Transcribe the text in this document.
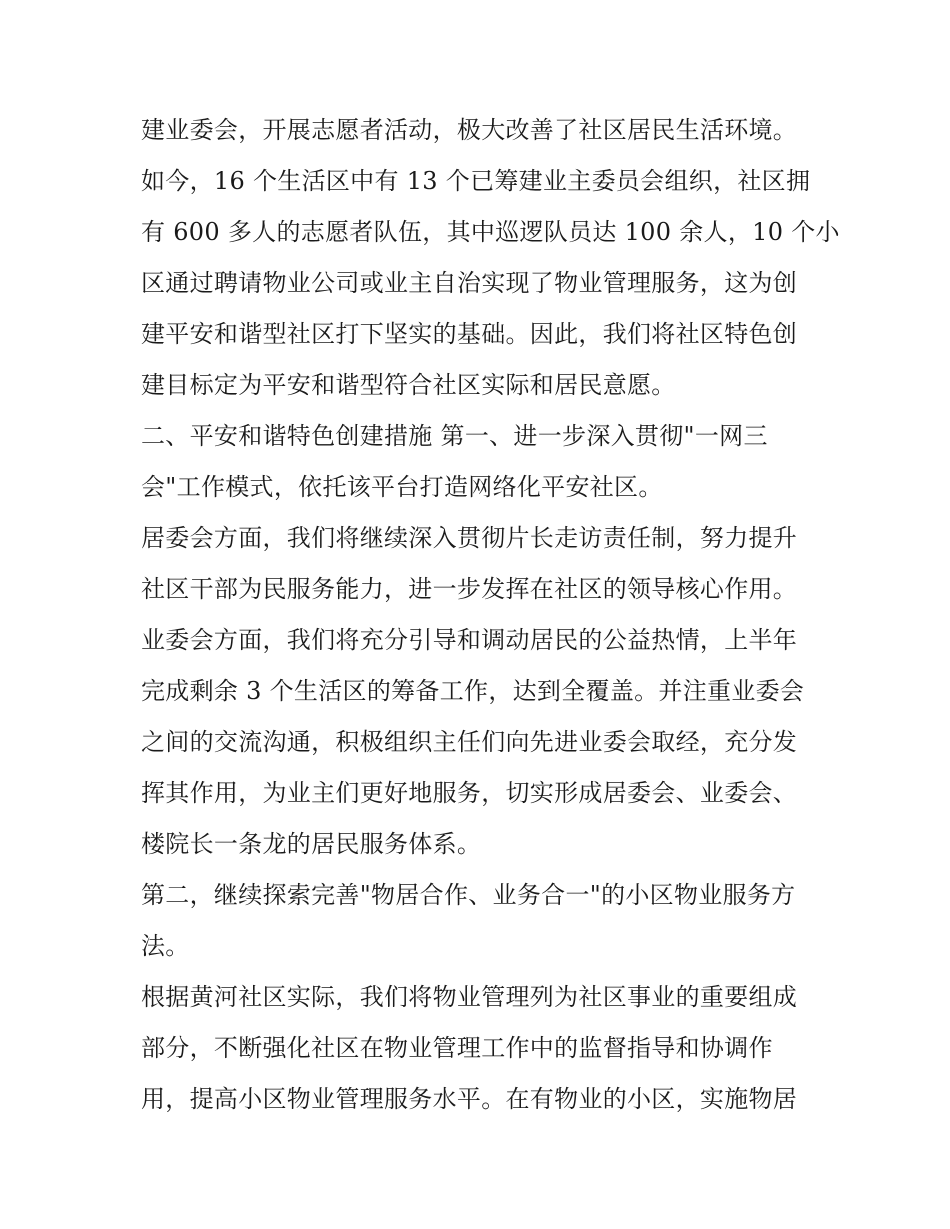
建业委会，开展志愿者活动，极大改善了社区居民生活环境。
如今，16 个生活区中有 13 个已筹建业主委员会组织，社区拥
有 600 多人的志愿者队伍，其中巡逻队员达 100 余人，10 个小
区通过聘请物业公司或业主自治实现了物业管理服务，这为创
建平安和谐型社区打下坚实的基础。因此，我们将社区特色创
建目标定为平安和谐型符合社区实际和居民意愿。
二、平安和谐特色创建措施 第一、进一步深入贯彻"一网三
会"工作模式，依托该平台打造网络化平安社区。
居委会方面，我们将继续深入贯彻片长走访责任制，努力提升
社区干部为民服务能力，进一步发挥在社区的领导核心作用。
业委会方面，我们将充分引导和调动居民的公益热情，上半年
完成剩余 3 个生活区的筹备工作，达到全覆盖。并注重业委会
之间的交流沟通，积极组织主任们向先进业委会取经，充分发
挥其作用，为业主们更好地服务，切实形成居委会、业委会、
楼院长一条龙的居民服务体系。
第二，继续探索完善"物居合作、业务合一"的小区物业服务方
法。
根据黄河社区实际，我们将物业管理列为社区事业的重要组成
部分，不断强化社区在物业管理工作中的监督指导和协调作
用，提高小区物业管理服务水平。在有物业的小区，实施物居
